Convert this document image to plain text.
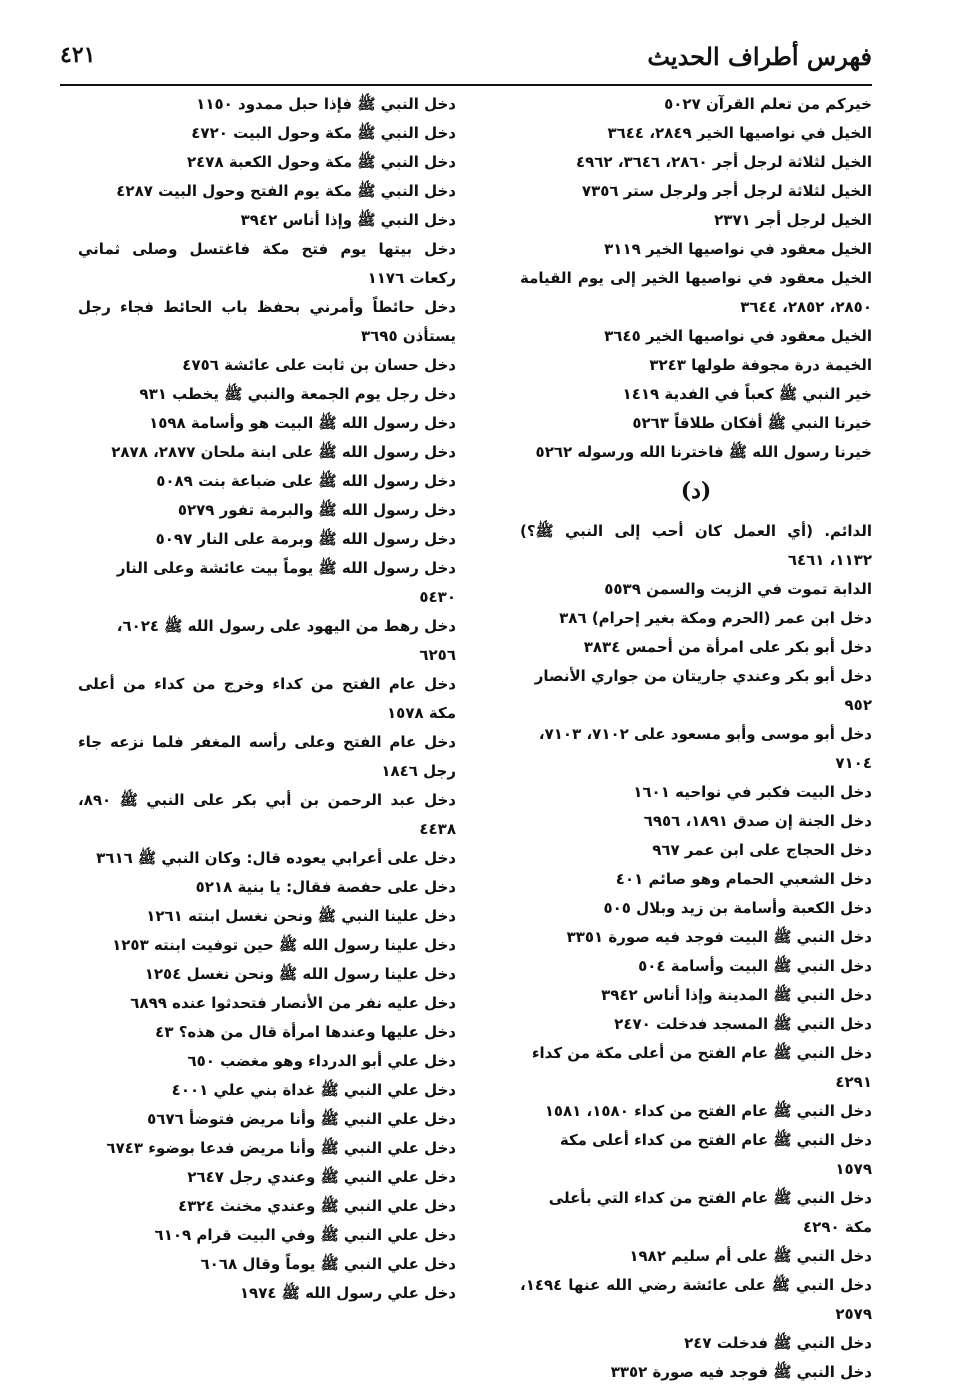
فهرس أطراف الحديث
٤٢١
خيركم من تعلم القرآن ٥٠٢٧
الخيل في نواصيها الخير ٢٨٤٩، ٣٦٤٤
الخيل لثلاثة لرجل أجر ٢٨٦٠، ٣٦٤٦، ٤٩٦٢
الخيل لثلاثة لرجل أجر ولرجل ستر ٧٣٥٦
الخيل لرجل أجر ٢٣٧١
الخيل معقود في نواصيها الخير ٣١١٩
الخيل معقود في نواصيها الخير إلى يوم القيامة ٢٨٥٠، ٢٨٥٢، ٣٦٤٤
الخيل معقود في نواصيها الخير ٣٦٤٥
الخيمة درة مجوفة طولها ٣٢٤٣
خير النبي ﷺ كعباً في الفدية ١٤١٩
خيرنا النبي ﷺ أفكان طلاقاً ٥٢٦٣
خيرنا رسول الله ﷺ فاخترنا الله ورسوله ٥٢٦٢
(د)
الدائم. (أي العمل كان أحب إلى النبي ﷺ؟) ١١٣٢، ٦٤٦١
الدابة تموت في الزيت والسمن ٥٥٣٩
دخل ابن عمر (الحرم ومكة بغير إحرام) ٣٨٦
دخل أبو بكر على امرأة من أحمس ٣٨٣٤
دخل أبو بكر وعندي جاريتان من جواري الأنصار ٩٥٢
دخل أبو موسى وأبو مسعود على ٧١٠٢، ٧١٠٣، ٧١٠٤
دخل البيت فكبر في نواحيه ١٦٠١
دخل الجنة إن صدق ١٨٩١، ٦٩٥٦
دخل الحجاج على ابن عمر ٩٦٧
دخل الشعبي الحمام وهو صائم ٤٠١
دخل الكعبة وأسامة بن زيد وبلال ٥٠٥
دخل النبي ﷺ البيت فوجد فيه صورة ٣٣٥١
دخل النبي ﷺ البيت وأسامة ٥٠٤
دخل النبي ﷺ المدينة وإذا أناس ٣٩٤٢
دخل النبي ﷺ المسجد فدخلت ٢٤٧٠
دخل النبي ﷺ عام الفتح من أعلى مكة من كداء ٤٢٩١
دخل النبي ﷺ عام الفتح من كداء ١٥٨٠، ١٥٨١
دخل النبي ﷺ عام الفتح من كداء أعلى مكة ١٥٧٩
دخل النبي ﷺ عام الفتح من كداء التي بأعلى مكة ٤٢٩٠
دخل النبي ﷺ على أم سليم ١٩٨٢
دخل النبي ﷺ على عائشة رضي الله عنها ١٤٩٤، ٢٥٧٩
دخل النبي ﷺ فدخلت ٢٤٧
دخل النبي ﷺ فوجد فيه صورة ٣٣٥٢
دخل النبي ﷺ فإذا حبل ممدود ١١٥٠
دخل النبي ﷺ مكة وحول البيت ٤٧٢٠
دخل النبي ﷺ مكة وحول الكعبة ٢٤٧٨
دخل النبي ﷺ مكة يوم الفتح وحول البيت ٤٢٨٧
دخل النبي ﷺ وإذا أناس ٣٩٤٢
دخل بيتها يوم فتح مكة فاغتسل وصلى ثماني ركعات ١١٧٦
دخل حائطاً وأمرني بحفظ باب الحائط فجاء رجل يستأذن ٣٦٩٥
دخل حسان بن ثابت على عائشة ٤٧٥٦
دخل رجل يوم الجمعة والنبي ﷺ يخطب ٩٣١
دخل رسول الله ﷺ البيت هو وأسامة ١٥٩٨
دخل رسول الله ﷺ على ابنة ملحان ٢٨٧٧، ٢٨٧٨
دخل رسول الله ﷺ على ضباعة بنت ٥٠٨٩
دخل رسول الله ﷺ والبرمة تفور ٥٢٧٩
دخل رسول الله ﷺ وبرمة على النار ٥٠٩٧
دخل رسول الله ﷺ يوماً بيت عائشة وعلى النار ٥٤٣٠
دخل رهط من اليهود على رسول الله ﷺ ٦٠٢٤، ٦٢٥٦
دخل عام الفتح من كداء وخرج من كداء من أعلى مكة ١٥٧٨
دخل عام الفتح وعلى رأسه المغفر فلما نزعه جاء رجل ١٨٤٦
دخل عبد الرحمن بن أبي بكر على النبي ﷺ ٨٩٠، ٤٤٣٨
دخل على أعرابي يعوده قال: وكان النبي ﷺ ٣٦١٦
دخل على حفصة فقال: يا بنية ٥٢١٨
دخل علينا النبي ﷺ ونحن نغسل ابنته ١٢٦١
دخل علينا رسول الله ﷺ حين توفيت ابنته ١٢٥٣
دخل علينا رسول الله ﷺ ونحن نغسل ١٢٥٤
دخل عليه نفر من الأنصار فتحدثوا عنده ٦٨٩٩
دخل عليها وعندها امرأة قال من هذه؟ ٤٣
دخل علي أبو الدرداء وهو مغضب ٦٥٠
دخل علي النبي ﷺ غداة بني علي ٤٠٠١
دخل علي النبي ﷺ وأنا مريض فتوضأ ٥٦٧٦
دخل علي النبي ﷺ وأنا مريض فدعا بوضوء ٦٧٤٣
دخل علي النبي ﷺ وعندي رجل ٢٦٤٧
دخل علي النبي ﷺ وعندي مخنث ٤٣٢٤
دخل علي النبي ﷺ وفي البيت قرام ٦١٠٩
دخل علي النبي ﷺ يوماً وقال ٦٠٦٨
دخل علي رسول الله ﷺ ١٩٧٤
